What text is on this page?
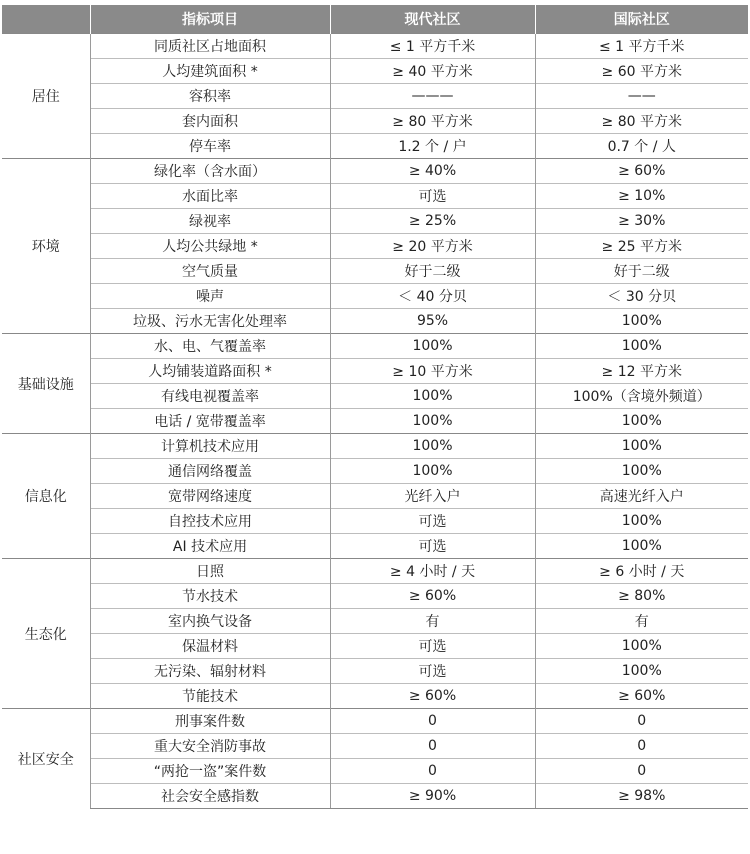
	指标项目	现代社区	国际社区
居住	同质社区占地面积	≤ 1 平方千米	≤ 1 平方千米
	人均建筑面积 *	≥ 40 平方米	≥ 60 平方米
	容积率	———	——
	套内面积	≥ 80 平方米	≥ 80 平方米
	停车率	1.2 个 / 户	0.7 个 / 人
环境	绿化率（含水面）	≥ 40%	≥ 60%
	水面比率	可选	≥ 10%
	绿视率	≥ 25%	≥ 30%
	人均公共绿地 *	≥ 20 平方米	≥ 25 平方米
	空气质量	好于二级	好于二级
	噪声	＜ 40 分贝	＜ 30 分贝
	垃圾、污水无害化处理率	95%	100%
基础设施	水、电、气覆盖率	100%	100%
	人均铺装道路面积 *	≥ 10 平方米	≥ 12 平方米
	有线电视覆盖率	100%	100%（含境外频道）
	电话 / 宽带覆盖率	100%	100%
信息化	计算机技术应用	100%	100%
	通信网络覆盖	100%	100%
	宽带网络速度	光纤入户	高速光纤入户
	自控技术应用	可选	100%
	AI 技术应用	可选	100%
生态化	日照	≥ 4 小时 / 天	≥ 6 小时 / 天
	节水技术	≥ 60%	≥ 80%
	室内换气设备	有	有
	保温材料	可选	100%
	无污染、辐射材料	可选	100%
	节能技术	≥ 60%	≥ 60%
社区安全	刑事案件数	0	0
	重大安全消防事故	0	0
	“两抢一盗”案件数	0	0
	社会安全感指数	≥ 90%	≥ 98%
